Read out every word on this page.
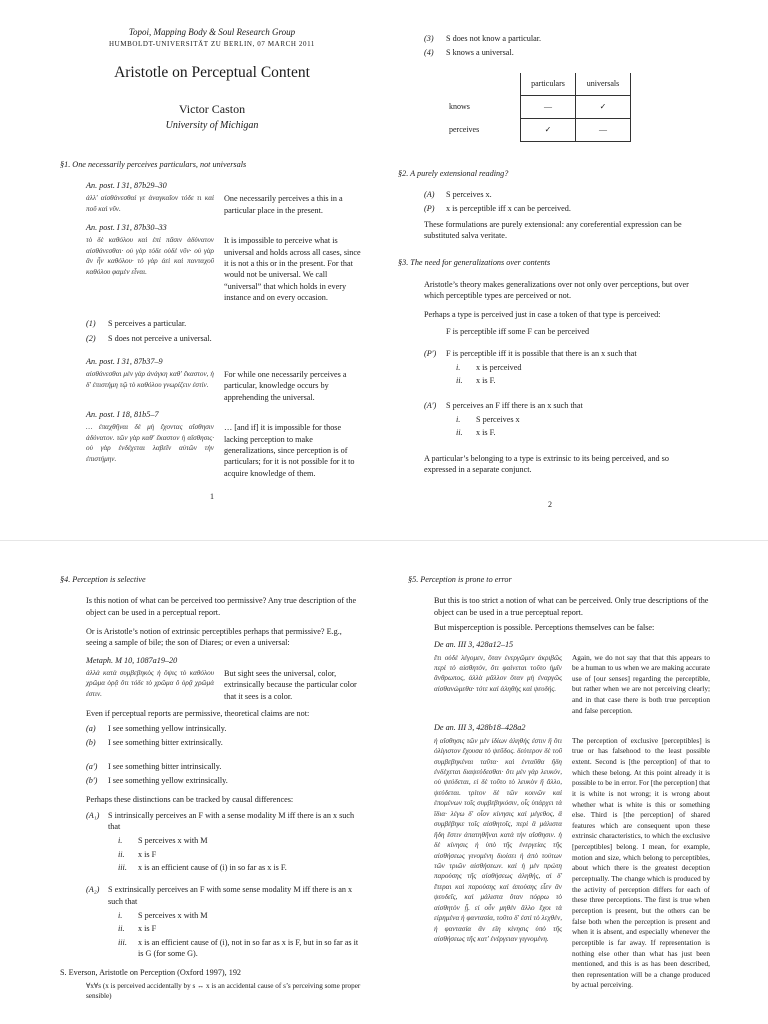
Topoi, Mapping Body & Soul Research Group
HUMBOLDT-UNIVERSITÄT ZU BERLIN, 07 MARCH 2011
Aristotle on Perceptual Content
Victor Caston
University of Michigan
§1. One necessarily perceives particulars, not universals
An. post. I 31, 87b29–30
ἀλλ' αἰσθάνεσθαί γε ἀναγκαῖον τόδε τι καὶ ποῦ καὶ νῦν.
One necessarily perceives a this in a particular place in the present.
An. post. I 31, 87b30–33
τὸ δὲ καθόλου καὶ ἐπὶ πᾶσιν ἀδύνατον αἰσθάνεσθαι· οὐ γὰρ τόδε οὐδὲ νῦν· οὐ γὰρ ἂν ἦν καθόλου· τὸ γὰρ ἀεὶ καὶ πανταχοῦ καθόλου φαμὲν εἶναι.
It is impossible to perceive what is universal and holds across all cases, since it is not a this or in the present. For that would not be universal. We call “universal” that which holds in every instance and on every occasion.
(1)	S perceives a particular.
(2)	S does not perceive a universal.
An. post. I 31, 87b37–9
αἰσθάνεσθαι μὲν γὰρ ἀνάγκη καθ' ἕκαστον, ἡ δ' ἐπιστήμη τῷ τὸ καθόλου γνωρίζειν ἐστίν.
For while one necessarily perceives a particular, knowledge occurs by apprehending the universal.
An. post. I 18, 81b5–7
… ἐπαχθῆναι δὲ μὴ ἔχοντας αἴσθησιν ἀδύνατον. τῶν γὰρ καθ' ἕκαστον ἡ αἴσθησις· οὐ γὰρ ἐνδέχεται λαβεῖν αὐτῶν τὴν ἐπιστήμην.
… [and if] it is impossible for those lacking perception to make generalizations, since perception is of particulars; for it is not possible for it to acquire knowledge of them.
1
(3)	S does not know a particular.
(4)	S knows a universal.
	particulars	universals
knows	—	✓
perceives	✓	—
§2. A purely extensional reading?
(A)	S perceives x.
(P)	x is perceptible iff x can be perceived.
These formulations are purely extensional: any coreferential expression can be substituted salva veritate.
§3. The need for generalizations over contents
Aristotle’s theory makes generalizations over not only over perceptions, but over which perceptible types are perceived or not.
Perhaps a type is perceived just in case a token of that type is perceived:
F is perceptible iff some F can be perceived
(P′)	F is perceptible iff it is possible that there is an x such that
i.	x is perceived
ii.	x is F.
(A′)	S perceives an F iff there is an x such that
i.	S perceives x
ii.	x is F.
A particular’s belonging to a type is extrinsic to its being perceived, and so expressed in a separate conjunct.
2
§4. Perception is selective
Is this notion of what can be perceived too permissive? Any true description of the object can be used in a perceptual report.
Or is Aristotle’s notion of extrinsic perceptibles perhaps that permissive? E.g., seeing a sample of bile; the son of Diares; or even a universal:
Metaph. M 10, 1087a19–20
ἀλλὰ κατὰ συμβεβηκὸς ἡ ὄψις τὸ καθόλου χρῶμα ὁρᾷ ὅτι τόδε τὸ χρῶμα ὃ ὁρᾷ χρῶμά ἐστιν.
But sight sees the universal, color, extrinsically because the particular color that it sees is a color.
Even if perceptual reports are permissive, theoretical claims are not:
(a)	I see something yellow intrinsically.
(b)	I see something bitter extrinsically.
(a′)	I see something bitter intrinsically.
(b′)	I see something yellow extrinsically.
Perhaps these distinctions can be tracked by causal differences:
(A₁)	S intrinsically perceives an F with a sense modality M iff there is an x such that
i.	S perceives x with M
ii.	x is F
iii.	x is an efficient cause of (i) in so far as x is F.
(A₂)	S extrinsically perceives an F with some sense modality M iff there is an x such that
i.	S perceives x with M
ii.	x is F
iii.	x is an efficient cause of (i), not in so far as x is F, but in so far as it is G (for some G).
S. Everson, Aristotle on Perception (Oxford 1997), 192
∀x∀s (x is perceived accidentally by s ↔ x is an accidental cause of s’s perceiving some proper sensible)
§5. Perception is prone to error
But this is too strict a notion of what can be perceived. Only true descriptions of the object can be used in a true perceptual report.
But misperception is possible. Perceptions themselves can be false:
De an. III 3, 428a12–15
ἔτι οὐδὲ λέγομεν, ὅταν ἐνεργῶμεν ἀκριβῶς περὶ τὸ αἰσθητόν, ὅτι φαίνεται τοῦτο ἡμῖν ἄνθρωπος, ἀλλὰ μᾶλλον ὅταν μὴ ἐναργῶς αἰσθανώμεθα· τότε καὶ ἀληθὴς καὶ ψευδής.
Again, we do not say that that this appears to be a human to us when we are making accurate use of [our senses] regarding the perceptible, but rather when we are not perceiving clearly; and in that case there is both true perception and false perception.
De an. III 3, 428b18–428a2
ἡ αἴσθησις τῶν μὲν ἰδίων ἀληθής ἐστιν ἢ ὅτι ὀλίγιστον ἔχουσα τὸ ψεῦδος. δεύτερον δὲ τοῦ συμβεβηκέναι ταῦτα· καὶ ἐνταῦθα ἤδη ἐνδέχεται διαψεύδεσθαι· ὅτι μὲν γὰρ λευκόν, οὐ ψεύδεται, εἰ δὲ τοῦτο τὸ λευκὸν ἢ ἄλλο, ψεύδεται. τρίτον δὲ τῶν κοινῶν καὶ ἑπομένων τοῖς συμβεβηκόσιν, οἷς ὑπάρχει τὰ ἴδια· λέγω δ' οἷον κίνησις καὶ μέγεθος, ἃ συμβέβηκε τοῖς αἰσθητοῖς, περὶ ἃ μάλιστα ἤδη ἔστιν ἀπατηθῆναι κατὰ τὴν αἴσθησιν. ἡ δὲ κίνησις ἡ ὑπὸ τῆς ἐνεργείας τῆς αἰσθήσεως γινομένη διοίσει ἡ ἀπὸ τούτων τῶν τριῶν αἰσθήσεων. καὶ ἡ μὲν πρώτη παρούσης τῆς αἰσθήσεως ἀληθής, αἱ δ' ἕτεραι καὶ παρούσης καὶ ἀπούσης εἶεν ἂν ψευδεῖς, καὶ μάλιστα ὅταν πόρρω τὸ αἰσθητὸν ᾖ. εἰ οὖν μηθὲν ἄλλο ἔχοι τὰ εἰρημένα ἡ φαντασία, τοῦτο δ' ἐστὶ τὸ λεχθέν, ἡ φαντασία ἂν εἴη κίνησις ὑπὸ τῆς αἰσθήσεως τῆς κατ' ἐνέργειαν γιγνομένη.
The perception of exclusive [perceptibles] is true or has falsehood to the least possible extent. Second is [the perception] of that to which these belong. At this point already it is possible to be in error. For [the perception] that it is white is not wrong; it is wrong about whether what is white is this or something else. Third is [the perception] of shared features which are consequent upon these extrinsic characteristics, to which the exclusive [perceptibles] belong. I mean, for example, motion and size, which belong to perceptibles, about which there is the greatest deception perceptually. The change which is produced by the activity of perception differs for each of these three perceptions. The first is true when perception is present, but the others can be false both when the perception is present and when it is absent, and especially whenever the perceptible is far away. If representation is nothing else other than what has just been mentioned, and this is as has been described, then representation will be a change produced by actual perceiving.
